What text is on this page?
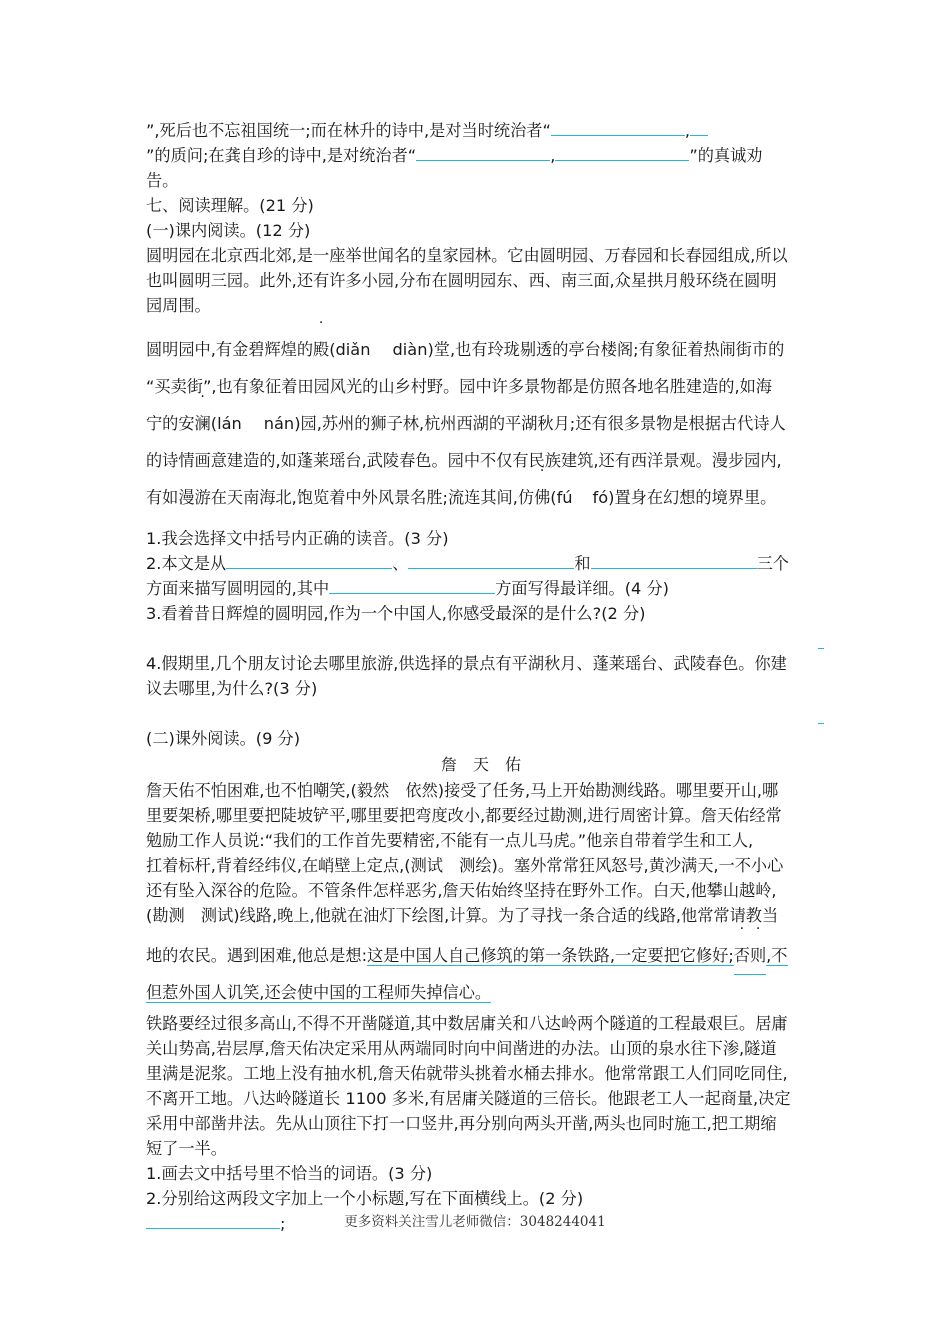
”,死后也不忘祖国统一;而在林升的诗中,是对当时统治者“	,
”的质问;在龚自珍的诗中,是对统治者“	,	”的真诚劝
告。
七、阅读理解。(21 分)
(一)课内阅读。(12 分)
圆明园在北京西北郊,是一座举世闻名的皇家园林。它由圆明园、万春园和长春园组成,所以
也叫圆明三园。此外,还有许多小园,分布在圆明园东、西、南三面,众星拱月般环绕在圆明
园周围。
圆明园中,有金碧辉煌的殿(diǎn diàn)堂,也有玲珑剔透的亭台楼阁;有象征着热闹街市的
“买卖街”,也有象征着田园风光的山乡村野。园中许多景物都是仿照各地名胜建造的,如海
宁的安澜(lán nán)园,苏州的狮子林,杭州西湖的平湖秋月;还有很多景物是根据古代诗人
的诗情画意建造的,如蓬莱瑶台,武陵春色。园中不仅有民族建筑,还有西洋景观。漫步园内,
有如漫游在天南海北,饱览着中外风景名胜;流连其间,仿佛(fú fó)置身在幻想的境界里。
1.我会选择文中括号内正确的读音。(3 分)
2.本文是从	、	和	三个
方面来描写圆明园的,其中	方面写得最详细。(4 分)
3.看着昔日辉煌的圆明园,作为一个中国人,你感受最深的是什么?(2 分)
4.假期里,几个朋友讨论去哪里旅游,供选择的景点有平湖秋月、蓬莱瑶台、武陵春色。你建
议去哪里,为什么?(3 分)
(二)课外阅读。(9 分)
詹天佑
詹天佑不怕困难,也不怕嘲笑,(毅然　依然)接受了任务,马上开始勘测线路。哪里要开山,哪
里要架桥,哪里要把陡坡铲平,哪里要把弯度改小,都要经过勘测,进行周密计算。詹天佑经常
勉励工作人员说:“我们的工作首先要精密,不能有一点儿马虎。”他亲自带着学生和工人,
扛着标杆,背着经纬仪,在峭壁上定点,(测试　测绘)。塞外常常狂风怒号,黄沙满天,一不小心
还有坠入深谷的危险。不管条件怎样恶劣,詹天佑始终坚持在野外工作。白天,他攀山越岭,
(勘测　测试)线路,晚上,他就在油灯下绘图,计算。为了寻找一条合适的线路,他常常请教当
地的农民。遇到困难,他总是想:这是中国人自己修筑的第一条铁路,一定要把它修好;否则,不
但惹外国人讥笑,还会使中国的工程师失掉信心。
铁路要经过很多高山,不得不开凿隧道,其中数居庸关和八达岭两个隧道的工程最艰巨。居庸
关山势高,岩层厚,詹天佑决定采用从两端同时向中间凿进的办法。山顶的泉水往下渗,隧道
里满是泥浆。工地上没有抽水机,詹天佑就带头挑着水桶去排水。他常常跟工人们同吃同住,
不离开工地。八达岭隧道长 1100 多米,有居庸关隧道的三倍长。他跟老工人一起商量,决定
采用中部凿井法。先从山顶往下打一口竖井,再分别向两头开凿,两头也同时施工,把工期缩
短了一半。
1.画去文中括号里不恰当的词语。(3 分)
2.分别给这两段文字加上一个小标题,写在下面横线上。(2 分)
;	更多资料关注雪儿老师微信：3048244041
